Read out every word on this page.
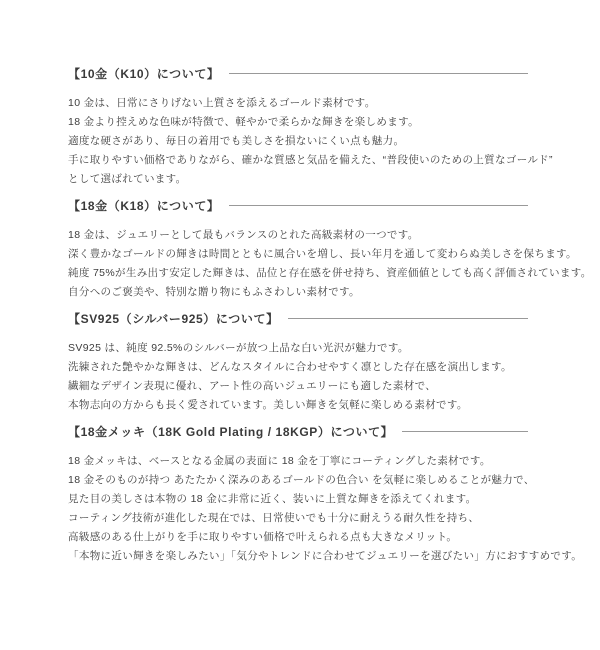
【10金（K10）について】
10 金は、日常にさりげない上質さを添えるゴールド素材です。
18 金より控えめな色味が特徴で、軽やかで柔らかな輝きを楽しめます。
適度な硬さがあり、毎日の着用でも美しさを損ないにくい点も魅力。
手に取りやすい価格でありながら、確かな質感と気品を備えた、“普段使いのための上質なゴールド”
として選ばれています。
【18金（K18）について】
18 金は、ジュエリーとして最もバランスのとれた高級素材の一つです。
深く豊かなゴールドの輝きは時間とともに風合いを増し、長い年月を通して変わらぬ美しさを保ちます。
純度 75%が生み出す安定した輝きは、品位と存在感を併せ持ち、資産価値としても高く評価されています。
自分へのご褒美や、特別な贈り物にもふさわしい素材です。
【SV925（シルバー925）について】
SV925 は、純度 92.5%のシルバーが放つ上品な白い光沢が魅力です。
洗練された艶やかな輝きは、どんなスタイルに合わせやすく凛とした存在感を演出します。
繊細なデザイン表現に優れ、アート性の高いジュエリーにも適した素材で、
本物志向の方からも長く愛されています。美しい輝きを気軽に楽しめる素材です。
【18金メッキ（18K Gold Plating / 18KGP）について】
18 金メッキは、ベースとなる金属の表面に 18 金を丁寧にコーティングした素材です。
18 金そのものが持つ あたたかく深みのあるゴールドの色合い を気軽に楽しめることが魅力で、
見た目の美しさは本物の 18 金に非常に近く、装いに上質な輝きを添えてくれます。
コーティング技術が進化した現在では、日常使いでも十分に耐えうる耐久性を持ち、
高級感のある仕上がりを手に取りやすい価格で叶えられる点も大きなメリット。
「本物に近い輝きを楽しみたい」「気分やトレンドに合わせてジュエリーを選びたい」方におすすめです。
